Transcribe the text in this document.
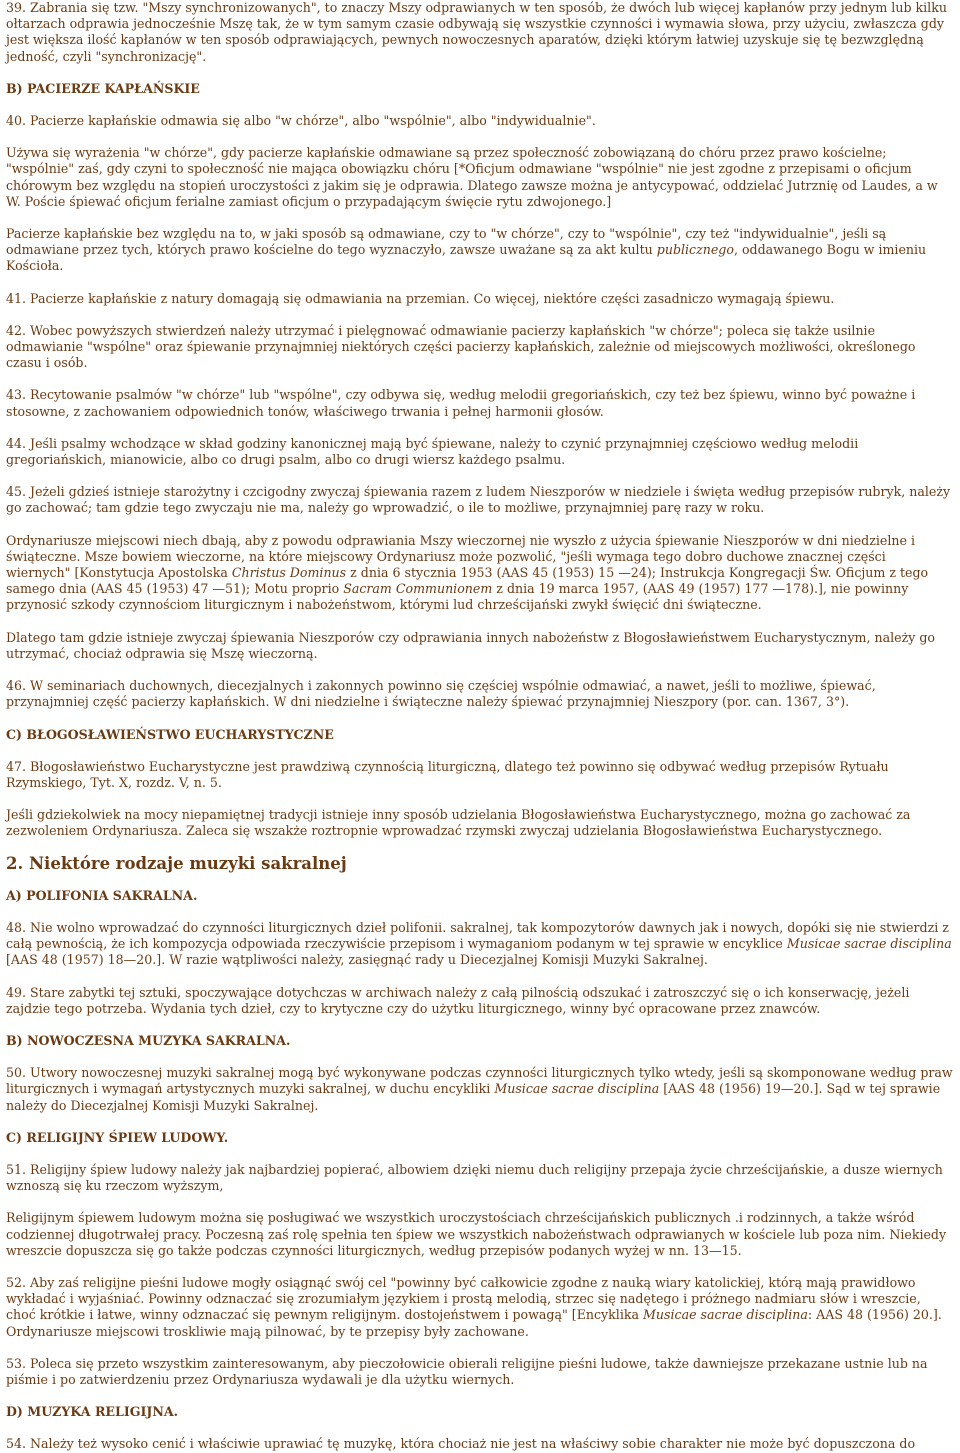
39. Zabrania się tzw. "Mszy synchronizowanych", to znaczy Mszy odprawianych w ten sposób, że dwóch lub więcej kapłanów przy jednym lub kilku ołtarzach odprawia jednocześnie Mszę tak, że w tym samym czasie odbywają się wszystkie czynności i wymawia słowa, przy użyciu, zwłaszcza gdy jest większa ilość kapłanów w ten sposób odprawiających, pewnych nowoczesnych aparatów, dzięki którym łatwiej uzyskuje się tę bezwzględną jedność, czyli "synchronizację".

B) PACIERZE KAPŁAŃSKIE

40. Pacierze kapłańskie odmawia się albo "w chórze", albo "wspólnie", albo "indywidualnie".

Używa się wyrażenia "w chórze", gdy pacierze kapłańskie odmawiane są przez społeczność zobowiązaną do chóru przez prawo kościelne; "wspólnie" zaś, gdy czyni to społeczność nie mająca obowiązku chóru [*Oficjum odmawiane "wspólnie" nie jest zgodne z przepisami o oficjum chórowym bez względu na stopień uroczystości z jakim się je odprawia. Dlatego zawsze można je antycypować, oddzielać Jutrznię od Laudes, a w W. Poście śpiewać oficjum ferialne zamiast oficjum o przypadającym święcie rytu zdwojonego.]

Pacierze kapłańskie bez względu na to, w jaki sposób są odmawiane, czy to "w chórze", czy to "wspólnie", czy też "indywidualnie", jeśli są odmawiane przez tych, których prawo kościelne do tego wyznaczyło, zawsze uważane są za akt kultu publicznego, oddawanego Bogu w imieniu Kościoła.

41. Pacierze kapłańskie z natury domagają się odmawiania na przemian. Co więcej, niektóre części zasadniczo wymagają śpiewu.

42. Wobec powyższych stwierdzeń należy utrzymać i pielęgnować odmawianie pacierzy kapłańskich "w chórze"; poleca się także usilnie odmawianie "wspólne" oraz śpiewanie przynajmniej niektórych części pacierzy kapłańskich, zależnie od miejscowych możliwości, określonego czasu i osób.

43. Recytowanie psalmów "w chórze" lub "wspólne", czy odbywa się, według melodii gregoriańskich, czy też bez śpiewu, winno być poważne i stosowne, z zachowaniem odpowiednich tonów, właściwego trwania i pełnej harmonii głosów.

44. Jeśli psalmy wchodzące w skład godziny kanonicznej mają być śpiewane, należy to czynić przynajmniej częściowo według melodii gregoriańskich, mianowicie, albo co drugi psalm, albo co drugi wiersz każdego psalmu.

45. Jeżeli gdzieś istnieje starożytny i czcigodny zwyczaj śpiewania razem z ludem Nieszporów w niedziele i święta według przepisów rubryk, należy go zachować; tam gdzie tego zwyczaju nie ma, należy go wprowadzić, o ile to możliwe, przynajmniej parę razy w roku.

Ordynariusze miejscowi niech dbają, aby z powodu odprawiania Mszy wieczornej nie wyszło z użycia śpiewanie Nieszporów w dni niedzielne i świąteczne. Msze bowiem wieczorne, na które miejscowy Ordynariusz może pozwolić, "jeśli wymaga tego dobro duchowe znacznej części wiernych" [Konstytucja Apostolska Christus Dominus z dnia 6 stycznia 1953 (AAS 45 (1953) 15 —24); Instrukcja Kongregacji Św. Oficjum z tego samego dnia (AAS 45 (1953) 47 —51); Motu proprio Sacram Communionem z dnia 19 marca 1957, (AAS 49 (1957) 177 —178).], nie powinny przynosić szkody czynnościom liturgicznym i nabożeństwom, którymi lud chrześcijański zwykł święcić dni świąteczne.

Dlatego tam gdzie istnieje zwyczaj śpiewania Nieszporów czy odprawiania innych nabożeństw z Błogosławieństwem Eucharystycznym, należy go utrzymać, chociaż odprawia się Mszę wieczorną.

46. W seminariach duchownych, diecezjalnych i zakonnych powinno się częściej wspólnie odmawiać, a nawet, jeśli to możliwe, śpiewać, przynajmniej część pacierzy kapłańskich. W dni niedzielne i świąteczne należy śpiewać przynajmniej Nieszpory (por. can. 1367, 3°).

C) BŁOGOSŁAWIEŃSTWO EUCHARYSTYCZNE

47. Błogosławieństwo Eucharystyczne jest prawdziwą czynnością liturgiczną, dlatego też powinno się odbywać według przepisów Rytuału Rzymskiego, Tyt. X, rozdz. V, n. 5.

Jeśli gdziekolwiek na mocy niepamiętnej tradycji istnieje inny sposób udzielania Błogosławieństwa Eucharystycznego, można go zachować za zezwoleniem Ordynariusza. Zaleca się wszakże roztropnie wprowadzać rzymski zwyczaj udzielania Błogosławieństwa Eucharystycznego.

2. Niektóre rodzaje muzyki sakralnej
A) POLIFONIA SAKRALNA.

48. Nie wolno wprowadzać do czynności liturgicznych dzieł polifonii. sakralnej, tak kompozytorów dawnych jak i nowych, dopóki się nie stwierdzi z całą pewnością, że ich kompozycja odpowiada rzeczywiście przepisom i wymaganiom podanym w tej sprawie w encyklice Musicae sacrae disciplina [AAS 48 (1957) 18—20.]. W razie wątpliwości należy, zasięgnąć rady u Diecezjalnej Komisji Muzyki Sakralnej.

49. Stare zabytki tej sztuki, spoczywające dotychczas w archiwach należy z całą pilnością odszukać i zatroszczyć się o ich konserwację, jeżeli zajdzie tego potrzeba. Wydania tych dzieł, czy to krytyczne czy do użytku liturgicznego, winny być opracowane przez znawców.

B) NOWOCZESNA MUZYKA SAKRALNA.

50. Utwory nowoczesnej muzyki sakralnej mogą być wykonywane podczas czynności liturgicznych tylko wtedy, jeśli są skomponowane według praw liturgicznych i wymagań artystycznych muzyki sakralnej, w duchu encykliki Musicae sacrae disciplina [AAS 48 (1956) 19—20.]. Sąd w tej sprawie należy do Diecezjalnej Komisji Muzyki Sakralnej.

C) RELIGIJNY ŚPIEW LUDOWY.

51. Religijny śpiew ludowy należy jak najbardziej popierać, albowiem dzięki niemu duch religijny przepaja życie chrześcijańskie, a dusze wiernych wznoszą się ku rzeczom wyższym,

Religijnym śpiewem ludowym można się posługiwać we wszystkich uroczystościach chrześcijańskich publicznych .i rodzinnych, a także wśród codziennej długotrwałej pracy. Poczesną zaś rolę spełnia ten śpiew we wszystkich nabożeństwach odprawianych w kościele lub poza nim. Niekiedy wreszcie dopuszcza się go także podczas czynności liturgicznych, według przepisów podanych wyżej w nn. 13—15.

52. Aby zaś religijne pieśni ludowe mogły osiągnąć swój cel "powinny być całkowicie zgodne z nauką wiary katolickiej, którą mają prawidłowo wykładać i wyjaśniać. Powinny odznaczać się zrozumiałym językiem i prostą melodią, strzec się nadętego i próżnego nadmiaru słów i wreszcie, choć krótkie i łatwe, winny odznaczać się pewnym religijnym. dostojeństwem i powagą" [Encyklika Musicae sacrae disciplina: AAS 48 (1956) 20.]. Ordynariusze miejscowi troskliwie mają pilnować, by te przepisy były zachowane.

53. Poleca się przeto wszystkim zainteresowanym, aby pieczołowicie obierali religijne pieśni ludowe, także dawniejsze przekazane ustnie lub na piśmie i po zatwierdzeniu przez Ordynariusza wydawali je dla użytku wiernych.

D) MUZYKA RELIGIJNA.

54. Należy też wysoko cenić i właściwie uprawiać tę muzykę, która chociaż nie jest na właściwy sobie charakter nie może być dopuszczona do
